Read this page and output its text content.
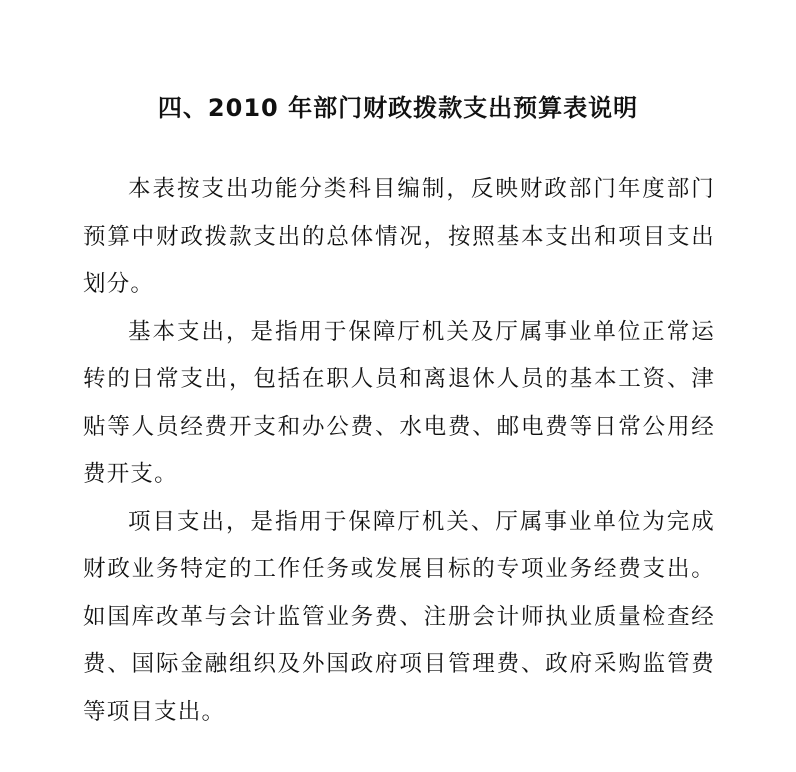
四、2010 年部门财政拨款支出预算表说明

本表按支出功能分类科目编制，反映财政部门年度部门预算中财政拨款支出的总体情况，按照基本支出和项目支出划分。

基本支出，是指用于保障厅机关及厅属事业单位正常运转的日常支出，包括在职人员和离退休人员的基本工资、津贴等人员经费开支和办公费、水电费、邮电费等日常公用经费开支。

项目支出，是指用于保障厅机关、厅属事业单位为完成财政业务特定的工作任务或发展目标的专项业务经费支出。如国库改革与会计监管业务费、注册会计师执业质量检查经费、国际金融组织及外国政府项目管理费、政府采购监管费等项目支出。
